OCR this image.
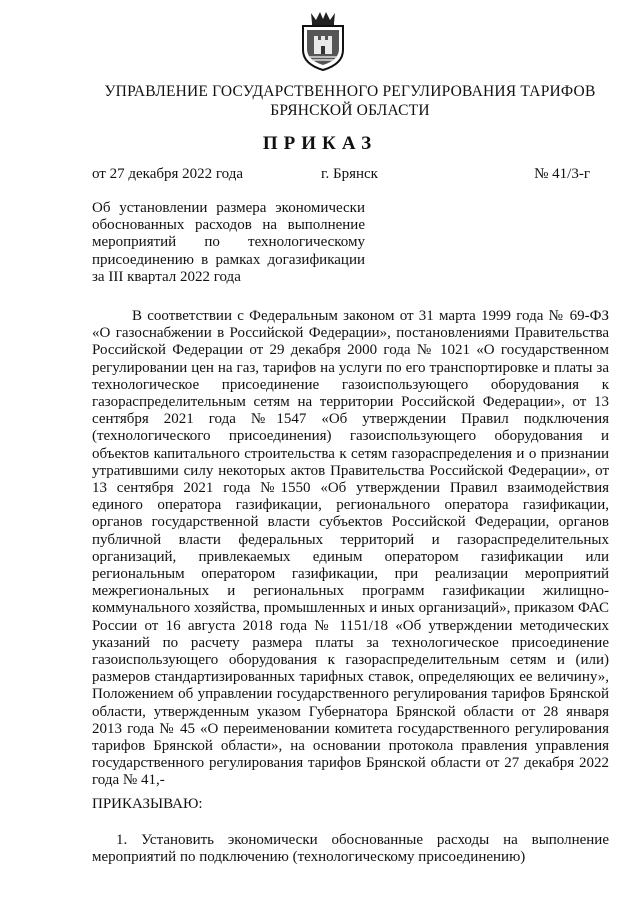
УПРАВЛЕНИЕ ГОСУДАРСТВЕННОГО РЕГУЛИРОВАНИЯ ТАРИФОВ
БРЯНСКОЙ ОБЛАСТИ
ПРИКАЗ
от 27 декабря 2022 года	г. Брянск	№ 41/3-г
Об установлении размера экономически обоснованных расходов на выполнение мероприятий по технологическому присоединению в рамках догазификации за III квартал 2022 года
В соответствии с Федеральным законом от 31 марта 1999 года № 69-ФЗ «О газоснабжении в Российской Федерации», постановлениями Правительства Российской Федерации от 29 декабря 2000 года № 1021 «О государственном регулировании цен на газ, тарифов на услуги по его транспортировке и платы за технологическое присоединение газоиспользующего оборудования к газораспределительным сетям на территории Российской Федерации», от 13 сентября 2021 года №1547 «Об утверждении Правил подключения (технологического присоединения) газоиспользующего оборудования и объектов капитального строительства к сетям газораспределения и о признании утратившими силу некоторых актов Правительства Российской Федерации», от 13 сентября 2021 года №1550 «Об утверждении Правил взаимодействия единого оператора газификации, регионального оператора газификации, органов государственной власти субъектов Российской Федерации, органов публичной власти федеральных территорий и газораспределительных организаций, привлекаемых единым оператором газификации или региональным оператором газификации, при реализации мероприятий межрегиональных и региональных программ газификации жилищно-коммунального хозяйства, промышленных и иных организаций», приказом ФАС России от 16 августа 2018 года № 1151/18 «Об утверждении методических указаний по расчету размера платы за технологическое присоединение газоиспользующего оборудования к газораспределительным сетям и (или) размеров стандартизированных тарифных ставок, определяющих ее величину», Положением об управлении государственного регулирования тарифов Брянской области, утвержденным указом Губернатора Брянской области от 28 января 2013 года № 45 «О переименовании комитета государственного регулирования тарифов Брянской области», на основании протокола правления управления государственного регулирования тарифов Брянской области от 27 декабря 2022 года № 41,-
ПРИКАЗЫВАЮ:
1. Установить экономически обоснованные расходы на выполнение мероприятий по подключению (технологическому присоединению)
